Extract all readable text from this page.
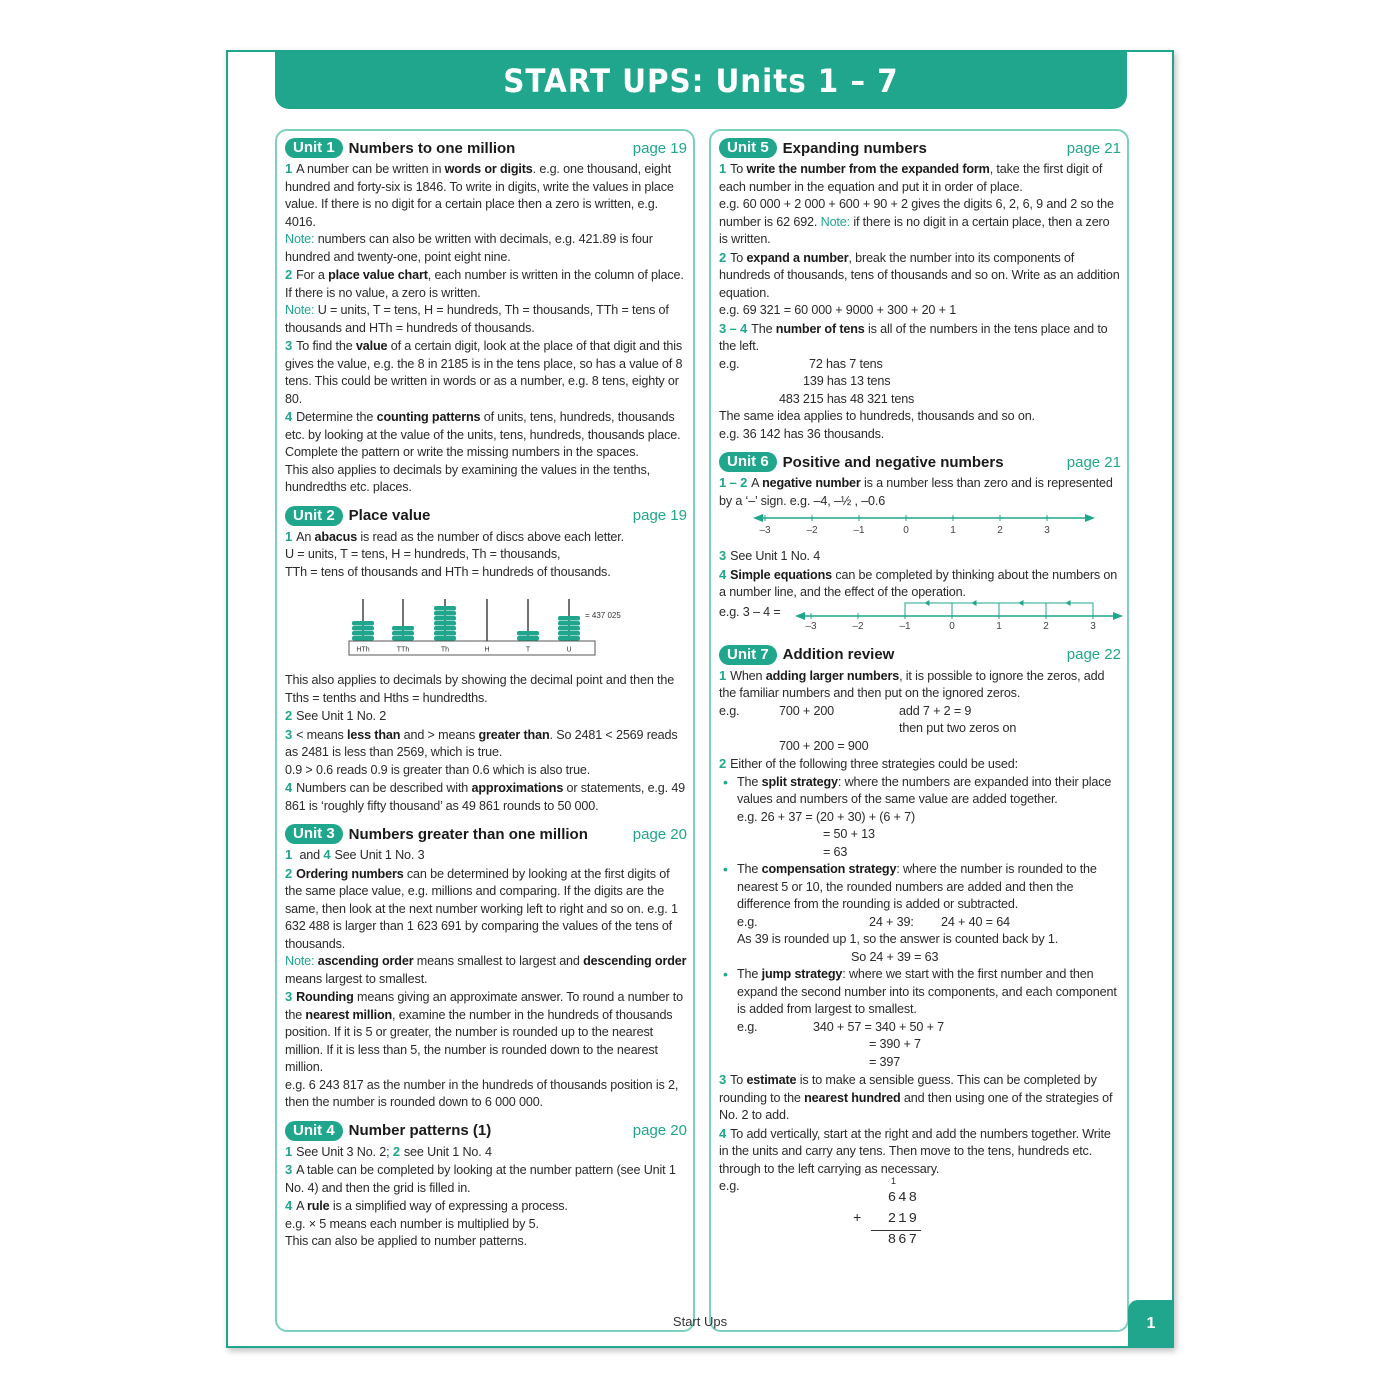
START UPS: Units 1 – 7
Unit 1 Numbers to one million	page 19

1 A number can be written in words or digits. e.g. one thousand, eight hundred and forty-six is 1846. To write in digits, write the values in place value. If there is no digit for a certain place then a zero is written, e.g. 4016.

Note: numbers can also be written with decimals, e.g. 421.89 is four hundred and twenty-one, point eight nine.

2 For a place value chart, each number is written in the column of place. If there is no value, a zero is written.

Note: U = units, T = tens, H = hundreds, Th = thousands, TTh = tens of thousands and HTh = hundreds of thousands.

3 To find the value of a certain digit, look at the place of that digit and this gives the value, e.g. the 8 in 2185 is in the tens place, so has a value of 8 tens. This could be written in words or as a number, e.g. 8 tens, eighty or 80.

4 Determine the counting patterns of units, tens, hundreds, thousands etc. by looking at the value of the units, tens, hundreds, thousands place. Complete the pattern or write the missing numbers in the spaces.

This also applies to decimals by examining the values in the tenths, hundredths etc. places.

Unit 2 Place value	page 19

1 An abacus is read as the number of discs above each letter.

U = units, T = tens, H = hundreds, Th = thousands,

TTh = tens of thousands and HTh = hundreds of thousands.

HTh	TTh	Th	H	T	U
= 437 025

This also applies to decimals by showing the decimal point and then the Tths = tenths and Hths = hundredths.

2 See Unit 1 No. 2

3 < means less than and > means greater than. So 2481 < 2569 reads as 2481 is less than 2569, which is true.

0.9 > 0.6 reads 0.9 is greater than 0.6 which is also true.

4 Numbers can be described with approximations or statements, e.g. 49 861 is ‘roughly fifty thousand’ as 49 861 rounds to 50 000.

Unit 3 Numbers greater than one million	page 20

1 and 4 See Unit 1 No. 3

2 Ordering numbers can be determined by looking at the first digits of the same place value, e.g. millions and comparing. If the digits are the same, then look at the next number working left to right and so on. e.g. 1 632 488 is larger than 1 623 691 by comparing the values of the tens of thousands.

Note: ascending order means smallest to largest and descending order means largest to smallest.

3 Rounding means giving an approximate answer. To round a number to the nearest million, examine the number in the hundreds of thousands position. If it is 5 or greater, the number is rounded up to the nearest million. If it is less than 5, the number is rounded down to the nearest million.

e.g. 6 243 817 as the number in the hundreds of thousands position is 2, then the number is rounded down to 6 000 000.

Unit 4 Number patterns (1)	page 20

1 See Unit 3 No. 2; 2 see Unit 1 No. 4

3 A table can be completed by looking at the number pattern (see Unit 1 No. 4) and then the grid is filled in.

4 A rule is a simplified way of expressing a process.

e.g. × 5 means each number is multiplied by 5.

This can also be applied to number patterns.

Unit 5 Expanding numbers	page 21

1 To write the number from the expanded form, take the first digit of each number in the equation and put it in order of place.

e.g. 60 000 + 2 000 + 600 + 90 + 2 gives the digits 6, 2, 6, 9 and 2 so the number is 62 692. Note: if there is no digit in a certain place, then a zero is written.

2 To expand a number, break the number into its components of hundreds of thousands, tens of thousands and so on. Write as an addition equation.

e.g. 69 321 = 60 000 + 9000 + 300 + 20 + 1

3 – 4 The number of tens is all of the numbers in the tens place and to the left.

e.g.	72 has 7 tens

139 has 13 tens

483 215 has 48 321 tens

The same idea applies to hundreds, thousands and so on.

e.g. 36 142 has 36 thousands.

Unit 6 Positive and negative numbers	page 21

1 – 2 A negative number is a number less than zero and is represented by a ‘–’ sign. e.g. –4, –½ , –0.6

–3	–2	–1	0	1	2	3

3 See Unit 1 No. 4

4 Simple equations can be completed by thinking about the numbers on a number line, and the effect of the operation.

e.g. 3 – 4 =

–3	–2	–1	0	1	2	3
Unit 7 Addition review	page 22

1 When adding larger numbers, it is possible to ignore the zeros, add the familiar numbers and then put on the ignored zeros.

e.g.	700 + 200	add 7 + 2 = 9

then put two zeros on

700 + 200 = 900

2 Either of the following three strategies could be used:

• The split strategy: where the numbers are expanded into their place values and numbers of the same value are added together.

e.g. 26 + 37 = (20 + 30) + (6 + 7)

= 50 + 13

= 63

• The compensation strategy: where the number is rounded to the nearest 5 or 10, the rounded numbers are added and then the difference from the rounding is added or subtracted.

e.g.	24 + 39:	24 + 40 = 64

As 39 is rounded up 1, so the answer is counted back by 1.

So 24 + 39 = 63

• The jump strategy: where we start with the first number and then expand the second number into its components, and each component is added from largest to smallest.

e.g.	340 + 57 = 340 + 50 + 7

= 390 + 7

= 397

3 To estimate is to make a sensible guess. This can be completed by rounding to the nearest hundred and then using one of the strategies of No. 2 to add.

4 To add vertically, start at the right and add the numbers together. Write in the units and carry any tens. Then move to the tens, hundreds etc. through to the left carrying as necessary.

e.g.	1
648
+	219
867
Start Ups	1
